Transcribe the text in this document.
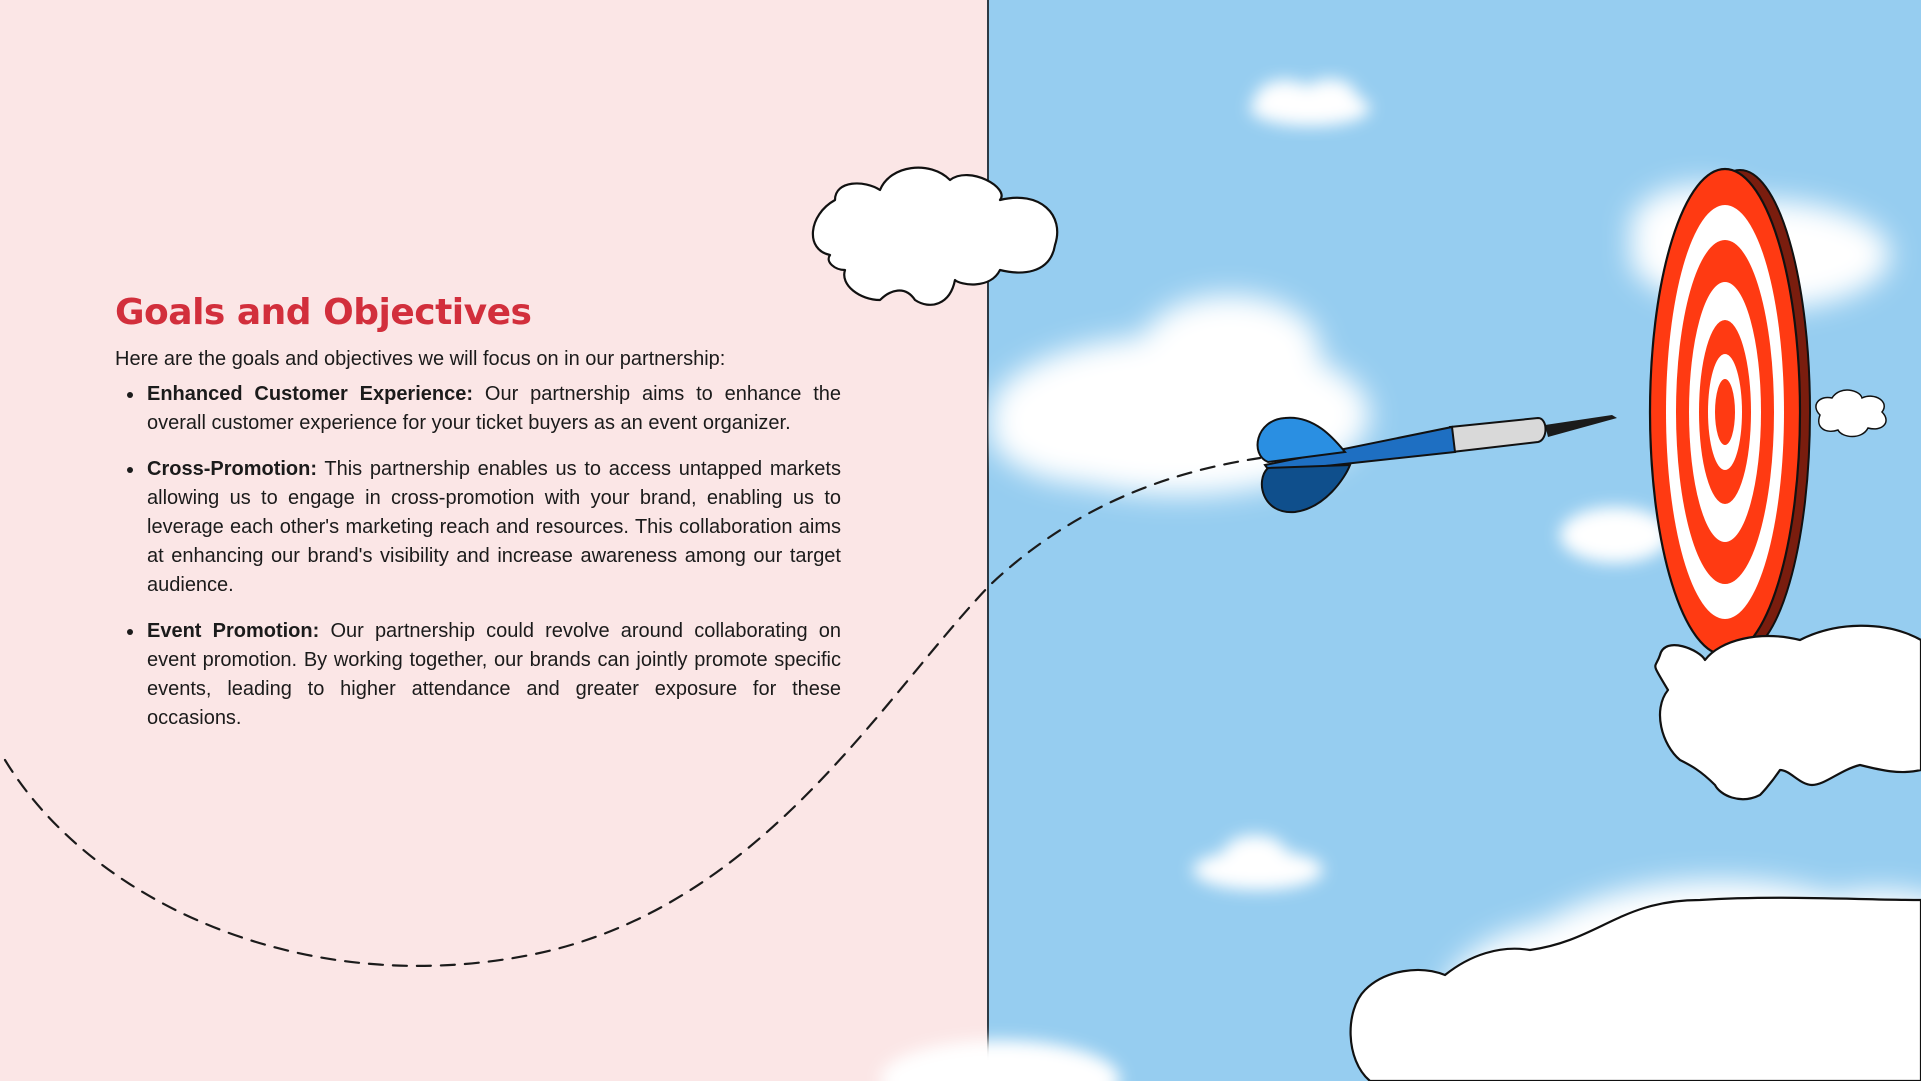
Goals and Objectives

Here are the goals and objectives we will focus on in our partnership:

Enhanced Customer Experience: Our partnership aims to enhance the overall customer experience for your ticket buyers as an event organizer.
Cross-Promotion: This partnership enables us to access untapped markets allowing us to engage in cross-promotion with your brand, enabling us to leverage each other's marketing reach and resources. This collaboration aims at enhancing our brand's visibility and increase awareness among our target audience.
Event Promotion: Our partnership could revolve around collaborating on event promotion. By working together, our brands can jointly promote specific events, leading to higher attendance and greater exposure for these occasions.
